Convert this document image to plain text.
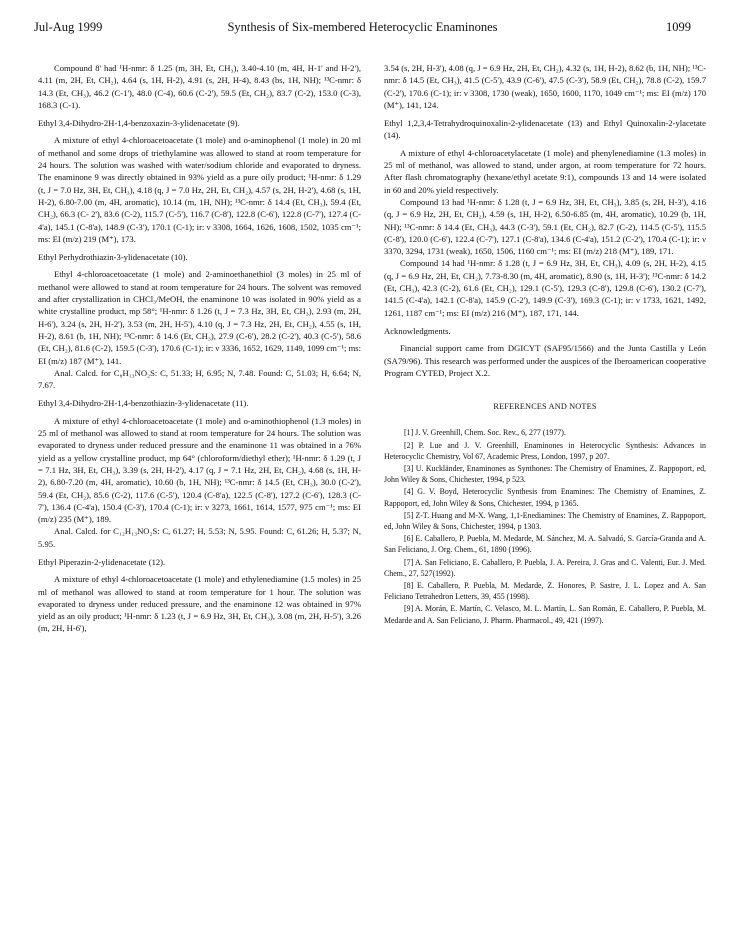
Jul-Aug 1999	Synthesis of Six-membered Heterocyclic Enaminones	1099

Compound 8' had ¹H-nmr: δ 1.25 (m, 3H, Et, CH₃), 3.40-4.10 (m, 4H, H-1' and H-2'), 4.11 (m, 2H, Et, CH₂), 4.64 (s, 1H, H-2), 4.91 (s, 2H, H-4), 8.43 (bs, 1H, NH); ¹³C-nmr: δ 14.3 (Et, CH₃), 46.2 (C-1'), 48.0 (C-4), 60.6 (C-2'), 59.5 (Et, CH₂), 83.7 (C-2), 153.0 (C-3), 168.3 (C-1).

Ethyl 3,4-Dihydro-2H-1,4-benzoxazin-3-ylidenacetate (9).

A mixture of ethyl 4-chloroacetoacetate (1 mole) and o-aminophenol (1 mole) in 20 ml of methanol and some drops of triethylamine was allowed to stand at room temperature for 24 hours. The solution was washed with water/sodium chloride and evaporated to dryness. The enaminone 9 was directly obtained in 93% yield as a pure oily product; ¹H-nmr: δ 1.29 (t, J = 7.0 Hz, 3H, Et, CH₃), 4.18 (q, J = 7.0 Hz, 2H, Et, CH₂), 4.57 (s, 2H, H-2'), 4.68 (s, 1H, H-2), 6.80-7.00 (m, 4H, aromatic), 10.14 (m, 1H, NH); ¹³C-nmr: δ 14.4 (Et, CH₃), 59.4 (Et, CH₂), 66.3 (C- 2'), 83.6 (C-2), 115.7 (C-5'), 116.7 (C-8'), 122.8 (C-6'), 122.8 (C-7'), 127.4 (C-4'a), 145.1 (C-8'a), 148.9 (C-3'), 170.1 (C-1); ir: ν 3308, 1664, 1626, 1608, 1502, 1035 cm⁻¹; ms: EI (m/z) 219 (M⁺), 173.

Ethyl Perhydrothiazin-3-ylidenacetate (10).

Ethyl 4-chloroacetoacetate (1 mole) and 2-aminoethanethiol (3 moles) in 25 ml of methanol were allowed to stand at room temperature for 24 hours. The solvent was removed and after crystallization in CHCl₃/MeOH, the enaminone 10 was isolated in 90% yield as a white crystalline product, mp 58°; ¹H-nmr: δ 1.26 (t, J = 7.3 Hz, 3H, Et, CH₃), 2.93 (m, 2H, H-6'), 3.24 (s, 2H, H-2'), 3.53 (m, 2H, H-5'), 4.10 (q, J = 7.3 Hz, 2H, Et, CH₂), 4.55 (s, 1H, H-2), 8.61 (b, 1H, NH); ¹³C-nmr: δ 14.6 (Et, CH₃), 27.9 (C-6'), 28.2 (C-2'), 40.3 (C-5'), 58.6 (Et, CH₂), 81.6 (C-2), 159.5 (C-3'), 170.6 (C-1); ir: ν 3336, 1652, 1629, 1149, 1099 cm⁻¹; ms: EI (m/z) 187 (M⁺), 141.

Anal. Calcd. for C₈H₁₃NO₂S: C, 51.33; H, 6.95; N, 7.48. Found: C, 51.03; H, 6.64; N, 7.67.

Ethyl 3,4-Dihydro-2H-1,4-benzothiazin-3-ylidenacetate (11).

A mixture of ethyl 4-chloroacetoacetate (1 mole) and o-aminothiophenol (1.3 moles) in 25 ml of methanol was allowed to stand at room temperature for 24 hours. The solution was evaporated to dryness under reduced pressure and the enaminone 11 was obtained in a 76% yield as a yellow crystalline product, mp 64° (chloroform/diethyl ether); ¹H-nmr: δ 1.29 (t, J = 7.1 Hz, 3H, Et, CH₃), 3.39 (s, 2H, H-2'), 4.17 (q, J = 7.1 Hz, 2H, Et, CH₂), 4.68 (s, 1H, H-2), 6.80-7.20 (m, 4H, aromatic), 10.60 (b, 1H, NH); ¹³C-nmr: δ 14.5 (Et, CH₃), 30.0 (C-2'), 59.4 (Et, CH₂), 85.6 (C-2), 117.6 (C-5'), 120.4 (C-8'a), 122.5 (C-8'), 127.2 (C-6'), 128.3 (C-7'), 136.4 (C-4'a), 150.4 (C-3'), 170.4 (C-1); ir: ν 3273, 1661, 1614, 1577, 975 cm⁻¹; ms: EI (m/z) 235 (M⁺), 189.

Anal. Calcd. for C₁₂H₁₃NO₂S: C, 61.27; H, 5.53; N, 5.95. Found: C, 61.26; H, 5.37; N, 5.95.

Ethyl Piperazin-2-ylidenacetate (12).

A mixture of ethyl 4-chloroacetoacetate (1 mole) and ethylenediamine (1.5 moles) in 25 ml of methanol was allowed to stand at room temperature for 1 hour. The solution was evaporated to dryness under reduced pressure, and the enaminone 12 was obtained in 97% yield as an oily product; ¹H-nmr: δ 1.23 (t, J = 6.9 Hz, 3H, Et, CH₃), 3.08 (m, 2H, H-5'), 3.26 (m, 2H, H-6'),

3.54 (s, 2H, H-3'), 4.08 (q, J = 6.9 Hz, 2H, Et, CH₂), 4.32 (s, 1H, H-2), 8.62 (b, 1H, NH); ¹³C-nmr: δ 14.5 (Et, CH₃), 41.5 (C-5'), 43.9 (C-6'), 47.5 (C-3'), 58.9 (Et, CH₂), 78.8 (C-2), 159.7 (C-2'), 170.6 (C-1); ir: ν 3308, 1730 (weak), 1650, 1600, 1170, 1049 cm⁻¹; ms: EI (m/z) 170 (M⁺), 141, 124.

Ethyl 1,2,3,4-Tetrahydroquinoxalin-2-ylidenacetate (13) and Ethyl Quinoxalin-2-ylacetate (14).

A mixture of ethyl 4-chloroacetylacetate (1 mole) and phenylenediamine (1.3 moles) in 25 ml of methanol, was allowed to stand, under argon, at room temperature for 72 hours. After flash chromatography (hexane/ethyl acetate 9:1), compounds 13 and 14 were isolated in 60 and 20% yield respectively.

Compound 13 had ¹H-nmr: δ 1.28 (t, J = 6.9 Hz, 3H, Et, CH₃), 3.85 (s, 2H, H-3'), 4.16 (q, J = 6.9 Hz, 2H, Et, CH₂), 4.59 (s, 1H, H-2), 6.50-6.85 (m, 4H, aromatic), 10.29 (b, 1H, NH); ¹³C-nmr: δ 14.4 (Et, CH₃), 44.3 (C-3'), 59.1 (Et, CH₂), 82.7 (C-2), 114.5 (C-5'), 115.5 (C-8'), 120.0 (C-6'), 122.4 (C-7'), 127.1 (C-8'a), 134.6 (C-4'a), 151.2 (C-2'), 170.4 (C-1); ir: ν 3370, 3294, 1731 (weak), 1650, 1506, 1160 cm⁻¹; ms: EI (m/z) 218 (M⁺), 189, 171.

Compound 14 had ¹H-nmr: δ 1.28 (t, J = 6.9 Hz, 3H, Et, CH₃), 4.09 (s, 2H, H-2), 4.15 (q, J = 6.9 Hz, 2H, Et, CH₂), 7.73-8.30 (m, 4H, aromatic), 8.90 (s, 1H, H-3'); ¹³C-nmr: δ 14.2 (Et, CH₃), 42.3 (C-2), 61.6 (Et, CH₂), 129.1 (C-5'), 129.3 (C-8'), 129.8 (C-6'), 130.2 (C-7'), 141.5 (C-4'a), 142.1 (C-8'a), 145.9 (C-2'), 149.9 (C-3'), 169.3 (C-1); ir: ν 1733, 1621, 1492, 1261, 1187 cm⁻¹; ms: EI (m/z) 216 (M⁺), 187, 171, 144.

Acknowledgments.

Financial support came from DGICYT (SAF95/1566) and the Junta Castilla y León (SA79/96). This research was performed under the auspices of the Iberoamerican cooperative Program CYTED, Project X.2.

REFERENCES AND NOTES

[1] J. V. Greenhill, Chem. Soc. Rev., 6, 277 (1977).

[2] P. Lue and J. V. Greenhill, Enaminones in Heterocyclic Synthesis: Advances in Heterocyclic Chemistry, Vol 67, Academic Press, London, 1997, p 207.

[3] U. Kuckländer, Enaminones as Synthones: The Chemistry of Enamines, Z. Rappoport, ed, John Wiley & Sons, Chichester, 1994, p 523.

[4] G. V. Boyd, Heterocyclic Synthesis from Enamines: The Chemistry of Enamines, Z. Rappoport, ed, John Wiley & Sons, Chichester, 1994, p 1365.

[5] Z-T. Huang and M-X. Wang, 1,1-Enediamines: The Chemistry of Enamines, Z. Rappoport, ed, John Wiley & Sons, Chichester, 1994, p 1303.

[6] E. Caballero, P. Puebla, M. Medarde, M. Sánchez, M. A. Salvadó, S. García-Granda and A. San Feliciano, J. Org. Chem., 61, 1890 (1996).

[7] A. San Feliciano, E. Caballero, P. Puebla, J. A. Pereira, J. Gras and C. Valenti, Eur. J. Med. Chem., 27, 527(1992).

[8] E. Caballero, P. Puebla, M. Medarde, Z. Honores, P. Sastre, J. L. Lopez and A. San Feliciano Tetrahedron Letters, 39, 455 (1998).

[9] A. Morán, E. Martín, C. Velasco, M. L. Martín, L. San Román, E. Caballero, P. Puebla, M. Medarde and A. San Feliciano, J. Pharm. Pharmacol., 49, 421 (1997).
